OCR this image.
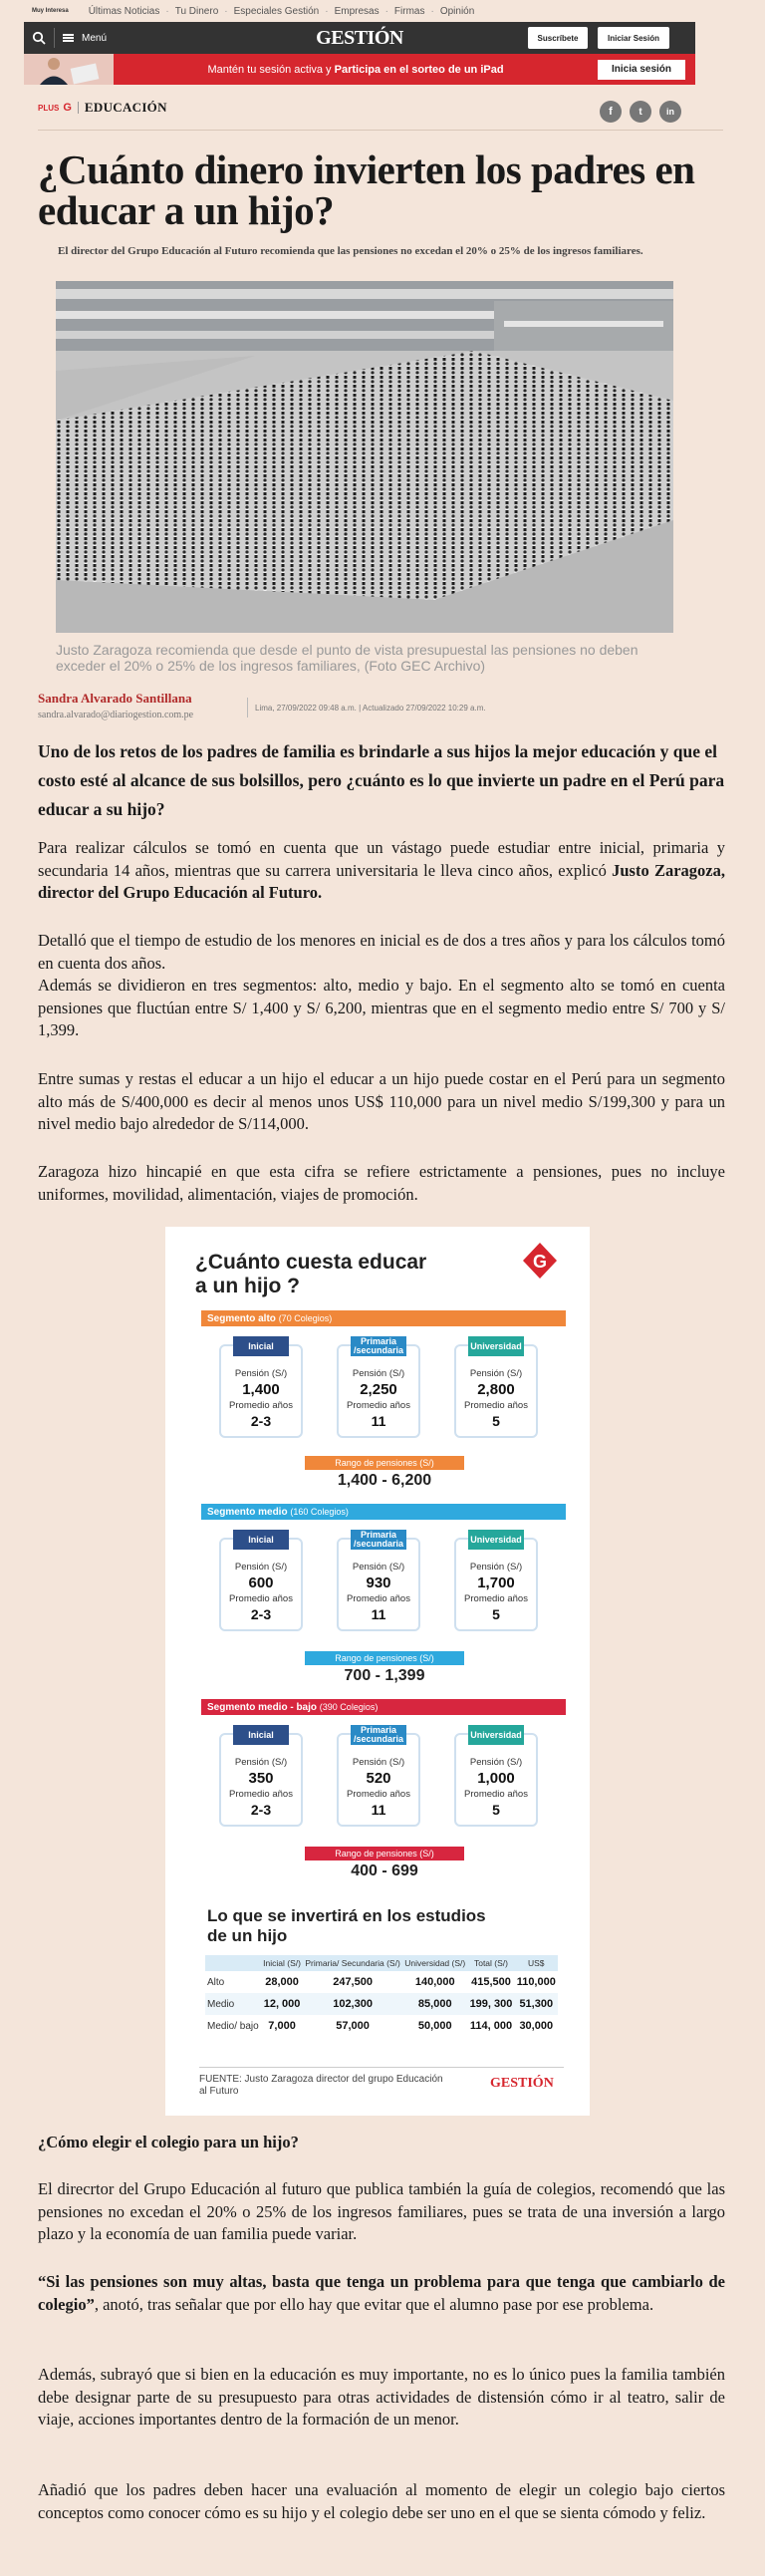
Muy Interesa Últimas Noticias · Tu Dinero · Especiales Gestión · Empresas · Firmas · Opinión
Menú	GESTIÓN	Suscríbete	Iniciar Sesión
Mantén tu sesión activa y Participa en el sorteo de un iPad	Inicia sesión
PLUS G	EDUCACIÓN	f	t	in
¿Cuánto dinero invierten los padres en educar a un hijo?
El director del Grupo Educación al Futuro recomienda que las pensiones no excedan el 20% o 25% de los ingresos familiares.
Justo Zaragoza recomienda que desde el punto de vista presupuestal las pensiones no deben exceder el 20% o 25% de los ingresos familiares, (Foto GEC Archivo)
Sandra Alvarado Santillana
sandra.alvarado@diariogestion.com.pe
Lima, 27/09/2022 09:48 a.m. | Actualizado 27/09/2022 10:29 a.m.
Uno de los retos de los padres de familia es brindarle a sus hijos la mejor educación y que el costo esté al alcance de sus bolsillos, pero ¿cuánto es lo que invierte un padre en el Perú para educar a su hijo?
Para realizar cálculos se tomó en cuenta que un vástago puede estudiar entre inicial, primaria y secundaria 14 años, mientras que su carrera universitaria le lleva cinco años, explicó Justo Zaragoza, director del Grupo Educación al Futuro.
Detalló que el tiempo de estudio de los menores en inicial es de dos a tres años y para los cálculos tomó en cuenta dos años.
Además se dividieron en tres segmentos: alto, medio y bajo. En el segmento alto se tomó en cuenta pensiones que fluctúan entre S/ 1,400 y S/ 6,200, mientras que en el segmento medio entre S/ 700 y S/ 1,399.
Entre sumas y restas el educar a un hijo el educar a un hijo puede costar en el Perú para un segmento alto más de S/400,000 es decir al menos unos US$ 110,000 para un nivel medio S/199,300 y para un nivel medio bajo alrededor de S/114,000.
Zaragoza hizo hincapié en que esta cifra se refiere estrictamente a pensiones, pues no incluye uniformes, movilidad, alimentación, viajes de promoción.
¿Cuánto cuesta educar a un hijo ?
G
Segmento alto (70 Colegios)
Inicial
Pensión (S/)
1,400
Promedio años
2-3
Primaria /secundaria
Pensión (S/)
2,250
Promedio años
11
Universidad
Pensión (S/)
2,800
Promedio años
5
Rango de pensiones (S/)
1,400 - 6,200
Segmento medio (160 Colegios)
Inicial
Pensión (S/)
600
Promedio años
2-3
Primaria /secundaria
Pensión (S/)
930
Promedio años
11
Universidad
Pensión (S/)
1,700
Promedio años
5
Rango de pensiones (S/)
700 - 1,399
Segmento medio - bajo (390 Colegios)
Inicial
Pensión (S/)
350
Promedio años
2-3
Primaria /secundaria
Pensión (S/)
520
Promedio años
11
Universidad
Pensión (S/)
1,000
Promedio años
5
Rango de pensiones (S/)
400 - 699
Lo que se invertirá en los estudios de un hijo
	Inicial (S/)	Primaria/ Secundaria (S/)	Universidad (S/)	Total (S/)	US$
Alto	28,000	247,500	140,000	415,500	110,000
Medio	12, 000	102,300	85,000	199, 300	51,300
Medio/ bajo	7,000	57,000	50,000	114, 000	30,000
FUENTE: Justo Zaragoza director del grupo Educación al Futuro
GESTIÓN
¿Cómo elegir el colegio para un hijo?
El direcrtor del Grupo Educación al futuro que publica también la guía de colegios, recomendó que las pensiones no excedan el 20% o 25% de los ingresos familiares, pues se trata de una inversión a largo plazo y la economía de uan familia puede variar.
“Si las pensiones son muy altas, basta que tenga un problema para que tenga que cambiarlo de colegio”, anotó, tras señalar que por ello hay que evitar que el alumno pase por ese problema.
Además, subrayó que si bien en la educación es muy importante, no es lo único pues la familia también debe designar parte de su presupuesto para otras actividades de distensión cómo ir al teatro, salir de viaje, acciones importantes dentro de la formación de un menor.
Añadió que los padres deben hacer una evaluación al momento de elegir un colegio bajo ciertos conceptos como conocer cómo es su hijo y el colegio debe ser uno en el que se sienta cómodo y feliz.
